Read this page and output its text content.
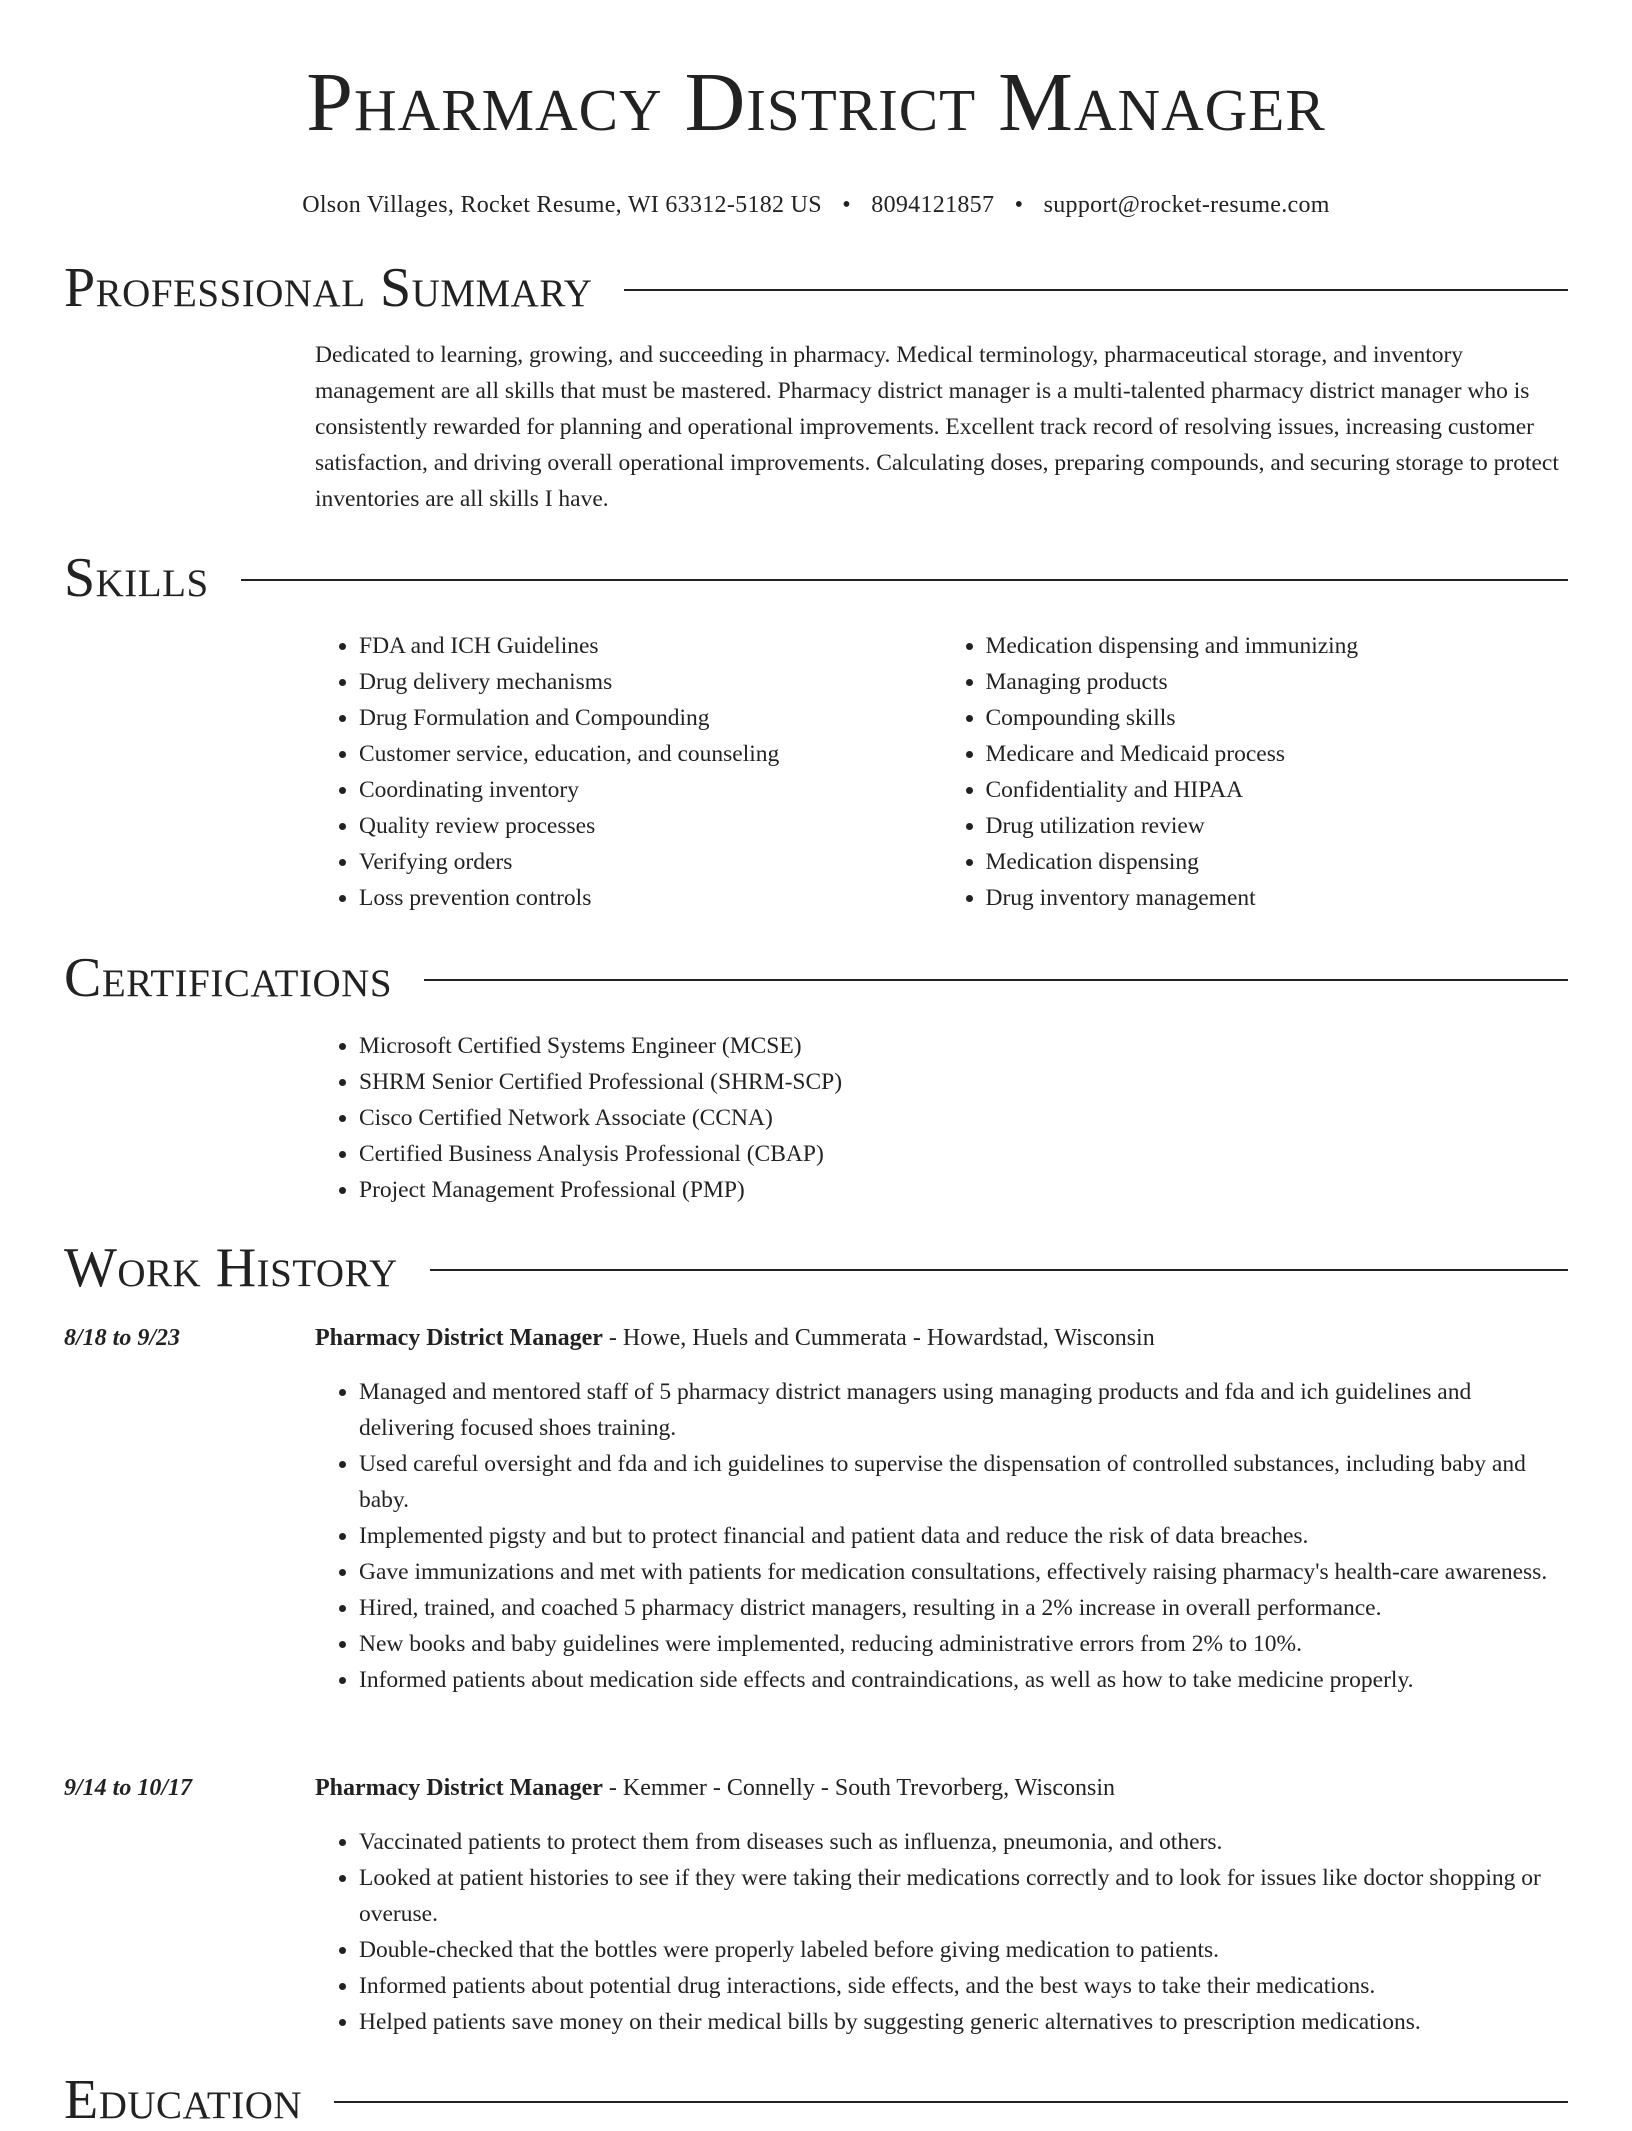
Pharmacy District Manager
Olson Villages, Rocket Resume, WI 63312-5182 US • 8094121857 • support@rocket-resume.com
Professional Summary
Dedicated to learning, growing, and succeeding in pharmacy. Medical terminology, pharmaceutical storage, and inventory management are all skills that must be mastered. Pharmacy district manager is a multi-talented pharmacy district manager who is consistently rewarded for planning and operational improvements. Excellent track record of resolving issues, increasing customer satisfaction, and driving overall operational improvements. Calculating doses, preparing compounds, and securing storage to protect inventories are all skills I have.
Skills
• FDA and ICH Guidelines
• Drug delivery mechanisms
• Drug Formulation and Compounding
• Customer service, education, and counseling
• Coordinating inventory
• Quality review processes
• Verifying orders
• Loss prevention controls
• Medication dispensing and immunizing
• Managing products
• Compounding skills
• Medicare and Medicaid process
• Confidentiality and HIPAA
• Drug utilization review
• Medication dispensing
• Drug inventory management
Certifications
• Microsoft Certified Systems Engineer (MCSE)
• SHRM Senior Certified Professional (SHRM-SCP)
• Cisco Certified Network Associate (CCNA)
• Certified Business Analysis Professional (CBAP)
• Project Management Professional (PMP)
Work History
8/18 to 9/23	Pharmacy District Manager - Howe, Huels and Cummerata - Howardstad, Wisconsin
• Managed and mentored staff of 5 pharmacy district managers using managing products and fda and ich guidelines and delivering focused shoes training.
• Used careful oversight and fda and ich guidelines to supervise the dispensation of controlled substances, including baby and baby.
• Implemented pigsty and but to protect financial and patient data and reduce the risk of data breaches.
• Gave immunizations and met with patients for medication consultations, effectively raising pharmacy's health-care awareness.
• Hired, trained, and coached 5 pharmacy district managers, resulting in a 2% increase in overall performance.
• New books and baby guidelines were implemented, reducing administrative errors from 2% to 10%.
• Informed patients about medication side effects and contraindications, as well as how to take medicine properly.
9/14 to 10/17	Pharmacy District Manager - Kemmer - Connelly - South Trevorberg, Wisconsin
• Vaccinated patients to protect them from diseases such as influenza, pneumonia, and others.
• Looked at patient histories to see if they were taking their medications correctly and to look for issues like doctor shopping or overuse.
• Double-checked that the bottles were properly labeled before giving medication to patients.
• Informed patients about potential drug interactions, side effects, and the best ways to take their medications.
• Helped patients save money on their medical bills by suggesting generic alternatives to prescription medications.
Education
